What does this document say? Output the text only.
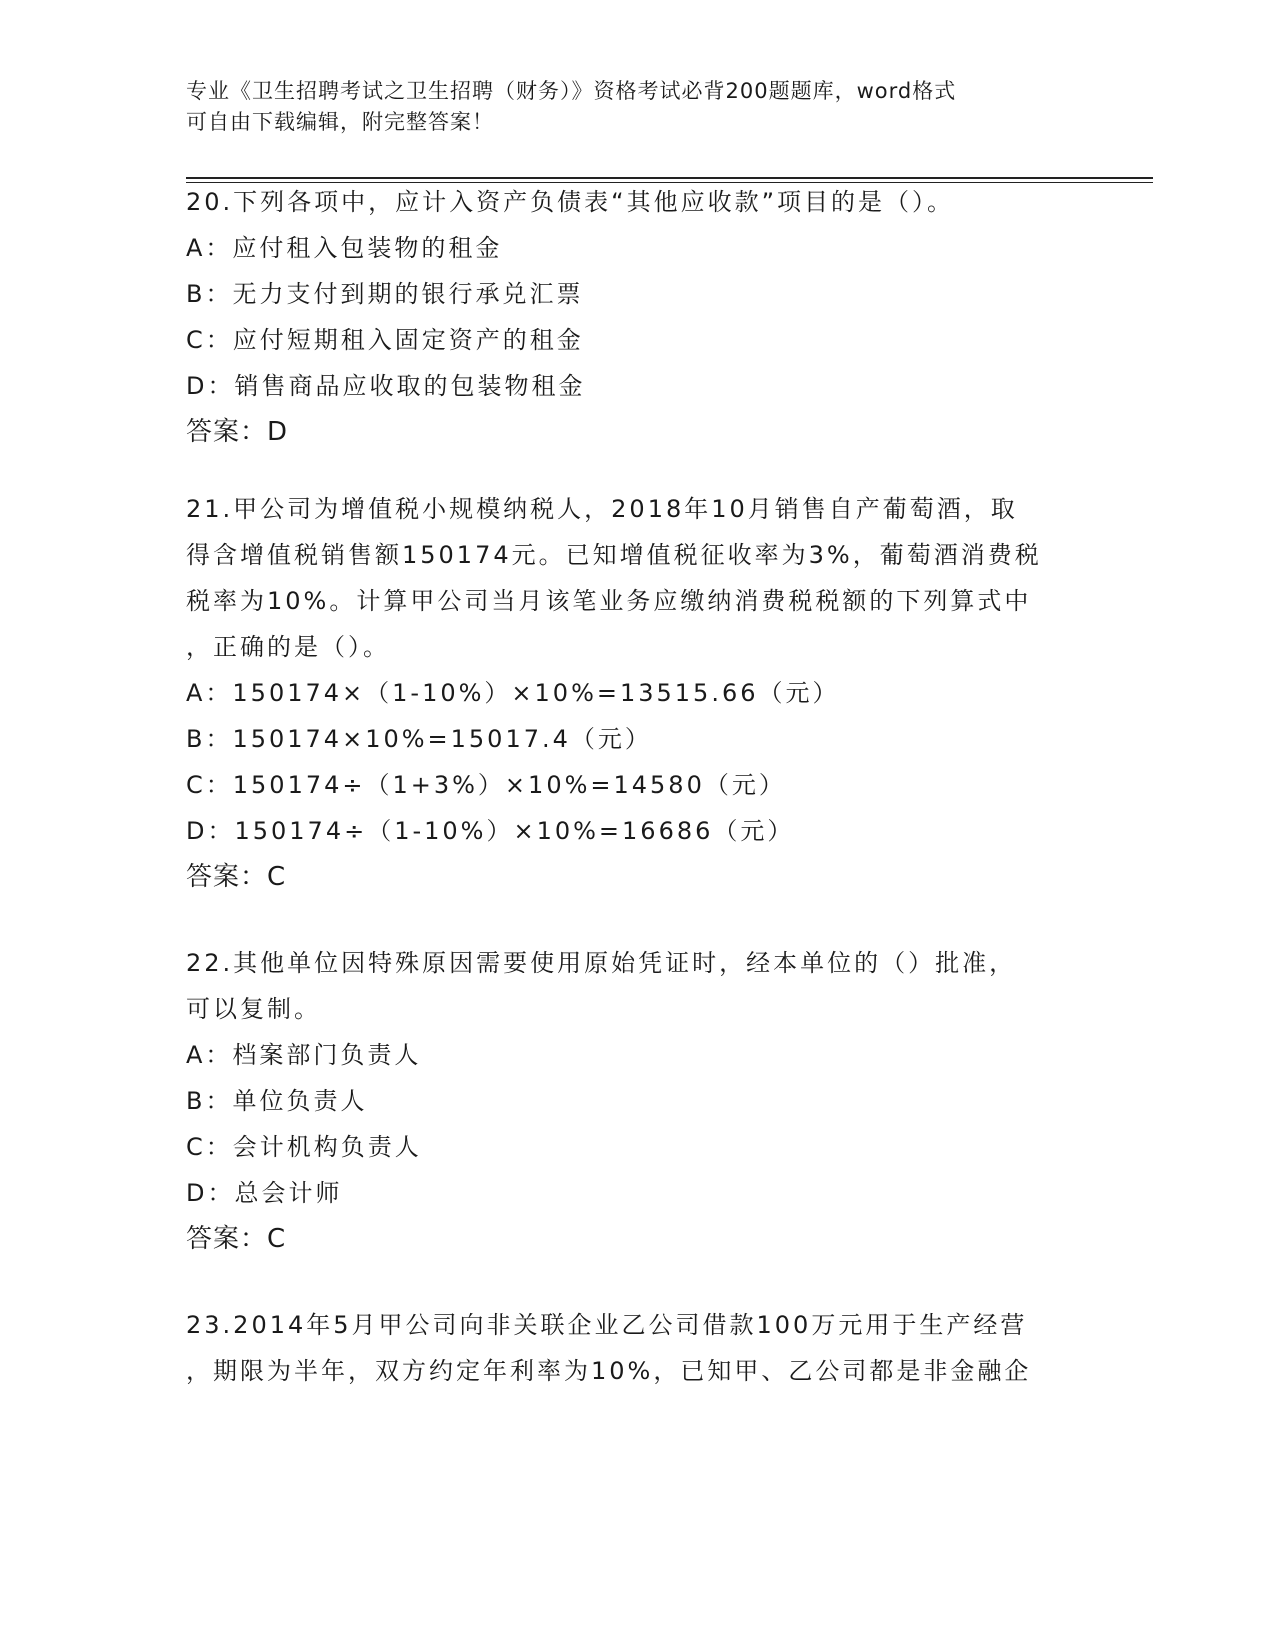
专业《卫生招聘考试之卫生招聘（财务）》资格考试必背200题题库，word格式
可自由下载编辑，附完整答案！
20.下列各项中，应计入资产负债表“其他应收款”项目的是（）。
A：应付租入包装物的租金
B：无力支付到期的银行承兑汇票
C：应付短期租入固定资产的租金
D：销售商品应收取的包装物租金
答案：D
21.甲公司为增值税小规模纳税人，2018年10月销售自产葡萄酒，取
得含增值税销售额150174元。已知增值税征收率为3%，葡萄酒消费税
税率为10%。计算甲公司当月该笔业务应缴纳消费税税额的下列算式中
，正确的是（）。
A：150174×（1-10%）×10%=13515.66（元）
B：150174×10%=15017.4（元）
C：150174÷（1+3%）×10%=14580（元）
D：150174÷（1-10%）×10%=16686（元）
答案：C
22.其他单位因特殊原因需要使用原始凭证时，经本单位的（）批准，
可以复制。
A：档案部门负责人
B：单位负责人
C：会计机构负责人
D：总会计师
答案：C
23.2014年5月甲公司向非关联企业乙公司借款100万元用于生产经营
，期限为半年，双方约定年利率为10%，已知甲、乙公司都是非金融企
